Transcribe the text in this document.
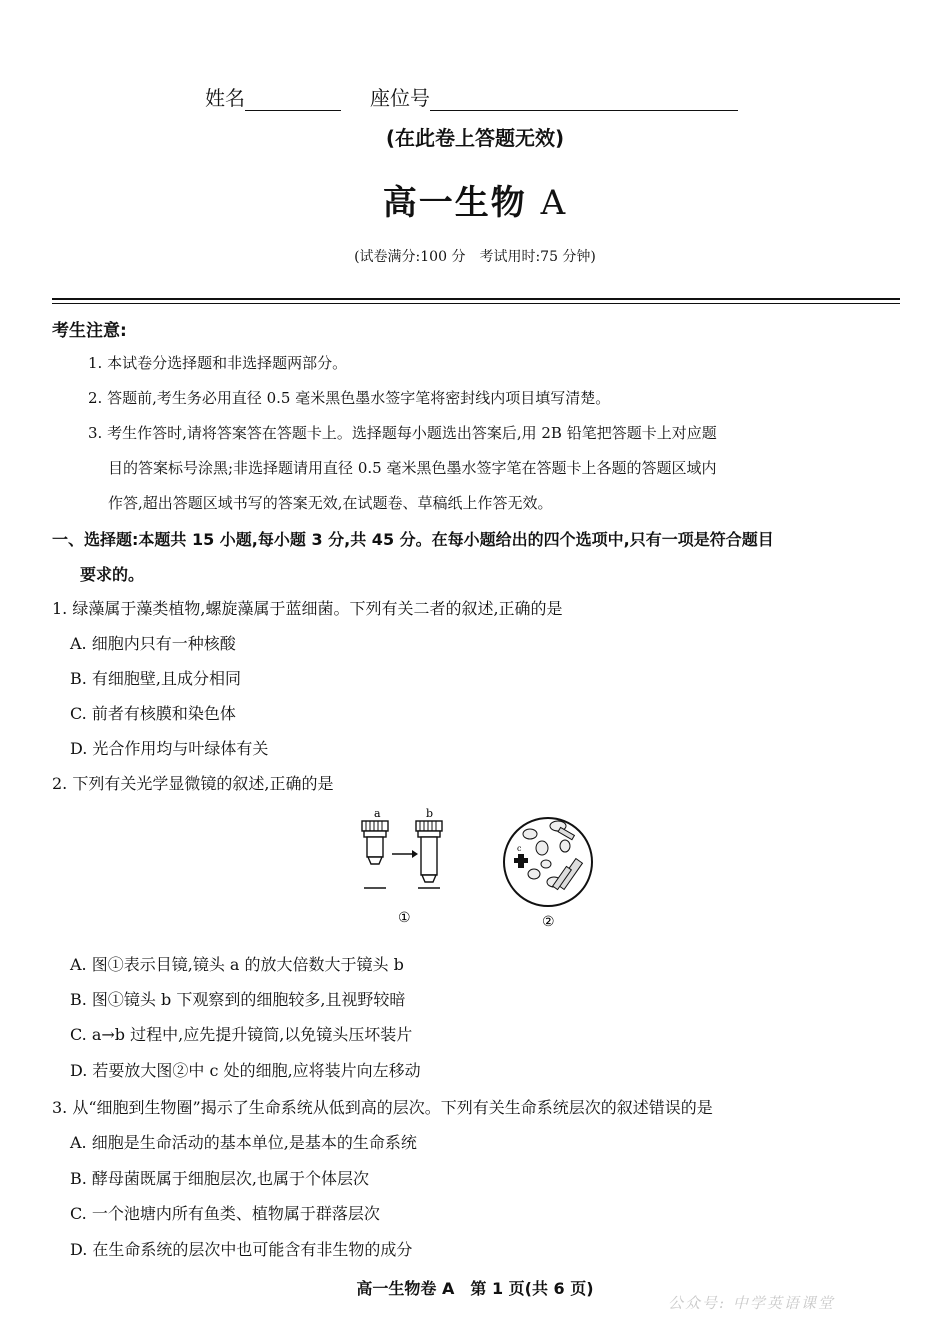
姓名	座位号
(在此卷上答题无效)
高一生物 A
(试卷满分:100 分　考试用时:75 分钟)
考生注意:
1. 本试卷分选择题和非选择题两部分。
2. 答题前,考生务必用直径 0.5 毫米黑色墨水签字笔将密封线内项目填写清楚。
3. 考生作答时,请将答案答在答题卡上。选择题每小题选出答案后,用 2B 铅笔把答题卡上对应题
目的答案标号涂黑;非选择题请用直径 0.5 毫米黑色墨水签字笔在答题卡上各题的答题区域内
作答,超出答题区域书写的答案无效,在试题卷、草稿纸上作答无效。
一、选择题:本题共 15 小题,每小题 3 分,共 45 分。在每小题给出的四个选项中,只有一项是符合题目
要求的。
1. 绿藻属于藻类植物,螺旋藻属于蓝细菌。下列有关二者的叙述,正确的是
A. 细胞内只有一种核酸
B. 有细胞壁,且成分相同
C. 前者有核膜和染色体
D. 光合作用均与叶绿体有关
2. 下列有关光学显微镜的叙述,正确的是
a	b
①
c
②
A. 图①表示目镜,镜头 a 的放大倍数大于镜头 b
B. 图①镜头 b 下观察到的细胞较多,且视野较暗
C. a→b 过程中,应先提升镜筒,以免镜头压坏装片
D. 若要放大图②中 c 处的细胞,应将装片向左移动
3. 从“细胞到生物圈”揭示了生命系统从低到高的层次。下列有关生命系统层次的叙述错误的是
A. 细胞是生命活动的基本单位,是基本的生命系统
B. 酵母菌既属于细胞层次,也属于个体层次
C. 一个池塘内所有鱼类、植物属于群落层次
D. 在生命系统的层次中也可能含有非生物的成分
高一生物卷 A　第 1 页(共 6 页)
公众号: 中学英语课堂
